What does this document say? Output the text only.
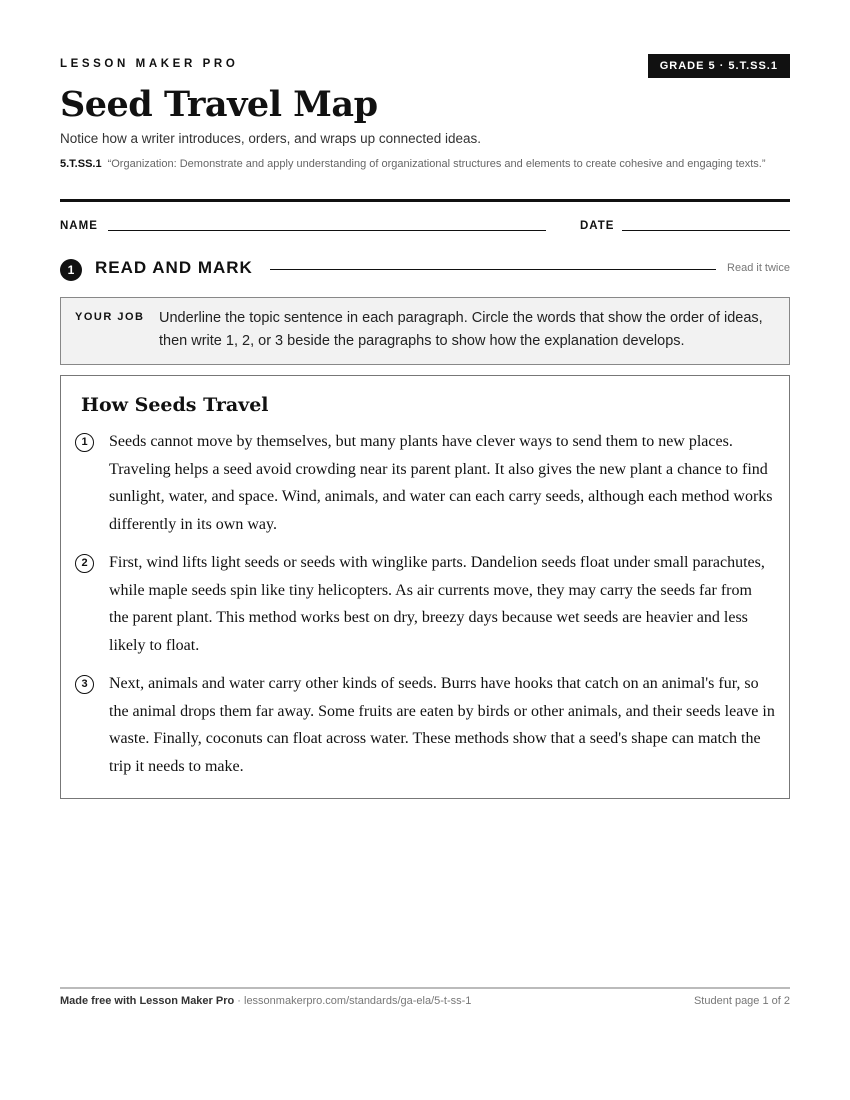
LESSON MAKER PRO	GRADE 5 · 5.T.SS.1
Seed Travel Map
Notice how a writer introduces, orders, and wraps up connected ideas.
5.T.SS.1 “Organization: Demonstrate and apply understanding of organizational structures and elements to create cohesive and engaging texts.”
NAME	DATE
1	READ AND MARK	Read it twice
YOUR JOB Underline the topic sentence in each paragraph. Circle the words that show the order of ideas, then write 1, 2, or 3 beside the paragraphs to show how the explanation develops.
How Seeds Travel
1	Seeds cannot move by themselves, but many plants have clever ways to send them to new places. Traveling helps a seed avoid crowding near its parent plant. It also gives the new plant a chance to find sunlight, water, and space. Wind, animals, and water can each carry seeds, although each method works differently in its own way.

2	First, wind lifts light seeds or seeds with winglike parts. Dandelion seeds float under small parachutes, while maple seeds spin like tiny helicopters. As air currents move, they may carry the seeds far from the parent plant. This method works best on dry, breezy days because wet seeds are heavier and less likely to float.

3	Next, animals and water carry other kinds of seeds. Burrs have hooks that catch on an animal's fur, so the animal drops them far away. Some fruits are eaten by birds or other animals, and their seeds leave in waste. Finally, coconuts can float across water. These methods show that a seed's shape can match the trip it needs to make.

Made free with Lesson Maker Pro · lessonmakerpro.com/standards/ga-ela/5-t-ss-1	Student page 1 of 2
